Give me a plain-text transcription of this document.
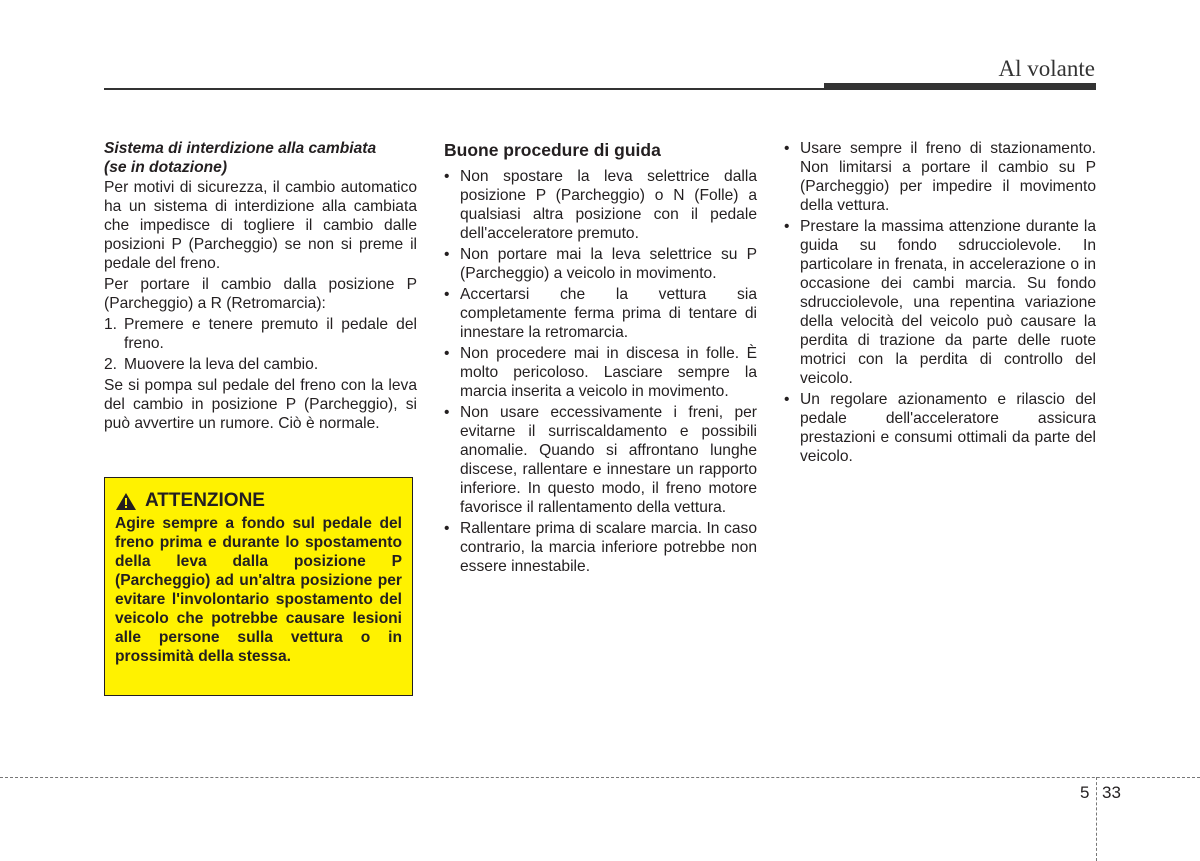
Al volante
Sistema di interdizione alla cambiata
(se in dotazione)

Per motivi di sicurezza, il cambio automatico ha un sistema di interdizione alla cambiata che impedisce di togliere il cambio dalle posizioni P (Parcheggio) se non si preme il pedale del freno.

Per portare il cambio dalla posizione P (Parcheggio) a R (Retromarcia):

1. Premere e tenere premuto il pedale del freno.
2. Muovere la leva del cambio.

Se si pompa sul pedale del freno con la leva del cambio in posizione P (Parcheggio), si può avvertire un rumore. Ciò è normale.

ATTENZIONE

Agire sempre a fondo sul pedale del freno prima e durante lo spostamento della leva dalla posizione P (Parcheggio) ad un'altra posizione per evitare l'involontario spostamento del veicolo che potrebbe causare lesioni alle persone sulla vettura o in prossimità della stessa.

Buone procedure di guida
• Non spostare la leva selettrice dalla posizione P (Parcheggio) o N (Folle) a qualsiasi altra posizione con il pedale dell'acceleratore premuto.
• Non portare mai la leva selettrice su P (Parcheggio) a veicolo in movimento.
• Accertarsi che la vettura sia completamente ferma prima di tentare di innestare la retromarcia.
• Non procedere mai in discesa in folle. È molto pericoloso. Lasciare sempre la marcia inserita a veicolo in movimento.
• Non usare eccessivamente i freni, per evitarne il surriscaldamento e possibili anomalie. Quando si affrontano lunghe discese, rallentare e innestare un rapporto inferiore. In questo modo, il freno motore favorisce il rallentamento della vettura.
• Rallentare prima di scalare marcia. In caso contrario, la marcia inferiore potrebbe non essere innestabile.
• Usare sempre il freno di stazionamento. Non limitarsi a portare il cambio su P (Parcheggio) per impedire il movimento della vettura.
• Prestare la massima attenzione durante la guida su fondo sdrucciolevole. In particolare in frenata, in accelerazione o in occasione dei cambi marcia. Su fondo sdrucciolevole, una repentina variazione della velocità del veicolo può causare la perdita di trazione da parte delle ruote motrici con la perdita di controllo del veicolo.
• Un regolare azionamento e rilascio del pedale dell'acceleratore assicura prestazioni e consumi ottimali da parte del veicolo.
5 33
